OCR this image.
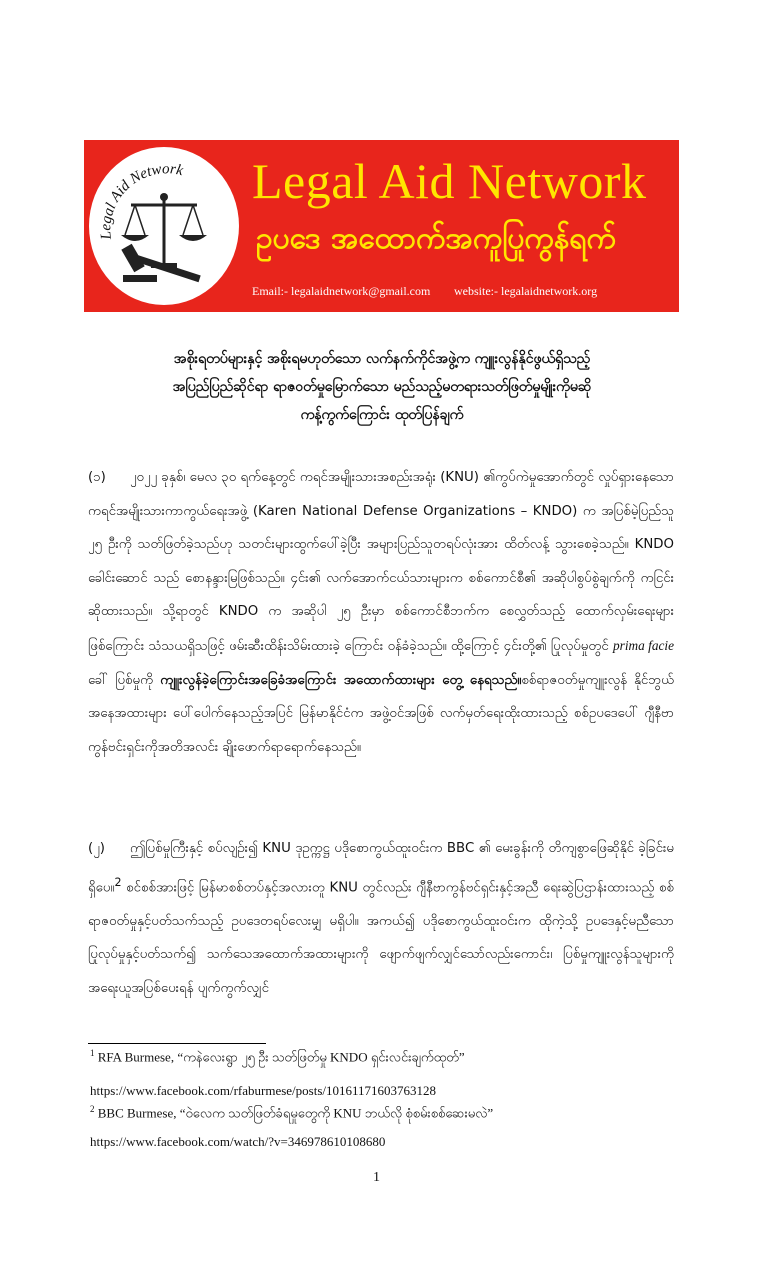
Legal Aid Network Legal Aid Network
ဥပဒေ အထောက်အကူပြုကွန်ရက်
Email:- legalaidnetwork@gmail.com website:- legalaidnetwork.org
အစိုးရတပ်များနှင့် အစိုးရမဟုတ်သော လက်နက်ကိုင်အဖွဲ့က ကျူးလွန်နိုင်ဖွယ်ရှိသည့်
အပြည်ပြည်ဆိုင်ရာ ရာဇဝတ်မှုမြောက်သော မည်သည့်မတရားသတ်ဖြတ်မှုမျိုးကိုမဆို
ကန့်ကွက်ကြောင်း ထုတ်ပြန်ချက်
(၁) ၂၀၂၂ ခုနှစ်၊ မေလ ၃၀ ရက်နေ့တွင် ကရင်အမျိုးသားအစည်းအရုံး (KNU) ၏ကွပ်ကဲမှုအောက်တွင် လှုပ်ရှားနေသော ကရင်အမျိုးသားကာကွယ်ရေးအဖွဲ့ (Karen National Defense Organizations – KNDO) က အပြစ်မဲ့ပြည်သူ ၂၅ ဦးကို သတ်ဖြတ်ခဲ့သည်ဟု သတင်းများထွက်ပေါ်ခဲ့ပြီး အများပြည်သူတရပ်လုံးအား ထိတ်လန့် သွားစေခဲ့သည်။ KNDO ခေါင်းဆောင် သည် စောနန္ဒားမြဖြစ်သည်။ ၄င်း၏ လက်အောက်ငယ်သားများက စစ်ကောင်စီ၏ အဆိုပါစွပ်စွဲချက်ကို ကငြင်းဆိုထားသည်။ သို့ရာတွင် KNDO က အဆိုပါ ၂၅ ဦးမှာ စစ်ကောင်စီဘက်က စေလွှတ်သည့် ထောက်လှမ်းရေးများဖြစ်ကြောင်း သံသယရှိသဖြင့် ဖမ်းဆီးထိန်းသိမ်းထားခဲ့ ကြောင်း ဝန်ခံခဲ့သည်။ ထို့ကြောင့် ၄င်းတို့၏ ပြုလုပ်မှုတွင် prima facie ခေါ် ပြစ်မှုကို ကျူးလွန်ခဲ့ကြောင်းအခြေခံအကြောင်း အထောက်ထားများ တွေ့ နေရသည်။စစ်ရာဇဝတ်မှုကျူးလွန် နိုင်ဘွယ်အနေအထားများ ပေါ်ပေါက်နေသည့်အပြင် မြန်မာနိုင်ငံက အဖွဲ့ဝင်အဖြစ် လက်မှတ်ရေးထိုးထားသည့် စစ်ဥပဒေပေါ် ဂျီနီဗာကွန်ဗင်းရှင်းကိုအတိအလင်း ချိုးဖောက်ရာရောက်နေသည်။
(၂) ဤပြစ်မှုကြီးနှင့် စပ်လျဉ်း၍ KNU ဒုဥက္ကဋ္ဌ ပဒိုစောကွယ်ထူးဝင်းက BBC ၏ မေးခွန်းကို တိကျစွာဖြေဆိုနိုင် ခဲ့ခြင်းမရှိပေ။$^2$ စင်စစ်အားဖြင့် မြန်မာစစ်တပ်နှင့်အလားတူ KNU တွင်လည်း ဂျီနီဗာကွန်ဗင်ရှင်းနှင့်အညီ ရေးဆွဲပြဌာန်းထားသည့် စစ်ရာဇဝတ်မှုနှင့်ပတ်သက်သည့် ဥပဒေတရပ်လေးမျှ မရှိပါ။ အကယ်၍ ပဒိုစောကွယ်ထူးဝင်းက ထိုကဲ့သို့ ဥပဒေနှင့်မညီသော ပြုလုပ်မှုနှင့်ပတ်သက်၍ သက်သေအထောက်အထားများကို ဖျောက်ဖျက်လျှင်သော်လည်းကောင်း၊ ပြစ်မှုကျူးလွန်သူများကို အရေးယူအပြစ်ပေးရန် ပျက်ကွက်လျှင်
$^1$ RFA Burmese, “ကနဲလေးရွာ ၂၅ ဦး သတ်ဖြတ်မှု KNDO ရှင်းလင်းချက်ထုတ်”
https://www.facebook.com/rfaburmese/posts/10161171603763128
$^2$ BBC Burmese, “ဝဲလေက သတ်ဖြတ်ခံရမှုတွေကို KNU ဘယ်လို စုံစမ်းစစ်ဆေးမလဲ”
https://www.facebook.com/watch/?v=346978610108680
1
